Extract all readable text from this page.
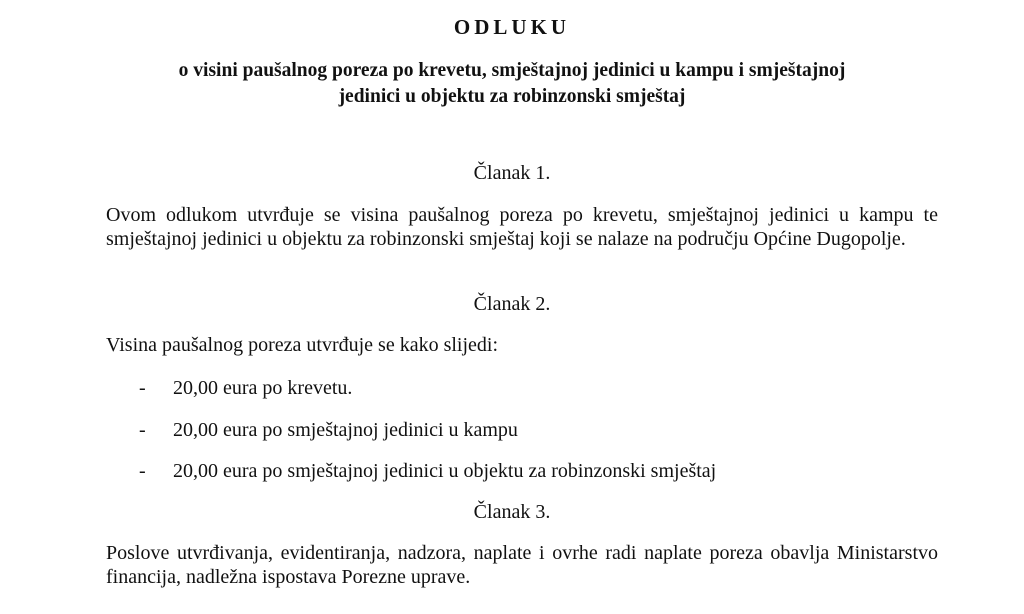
ODLUKU
o visini paušalnog poreza po krevetu, smještajnoj jedinici u kampu i smještajnoj
jedinici u objektu za robinzonski smještaj
Članak 1.
Ovom odlukom utvrđuje se visina paušalnog poreza po krevetu, smještajnoj jedinici u kampu te smještajnoj jedinici u objektu za robinzonski smještaj koji se nalaze na području Općine Dugopolje.
Članak 2.
Visina paušalnog poreza utvrđuje se kako slijedi:
- 20,00 eura po krevetu.
- 20,00 eura po smještajnoj jedinici u kampu
- 20,00 eura po smještajnoj jedinici u objektu za robinzonski smještaj
Članak 3.
Poslove utvrđivanja, evidentiranja, nadzora, naplate i ovrhe radi naplate poreza obavlja Ministarstvo financija, nadležna ispostava Porezne uprave.
